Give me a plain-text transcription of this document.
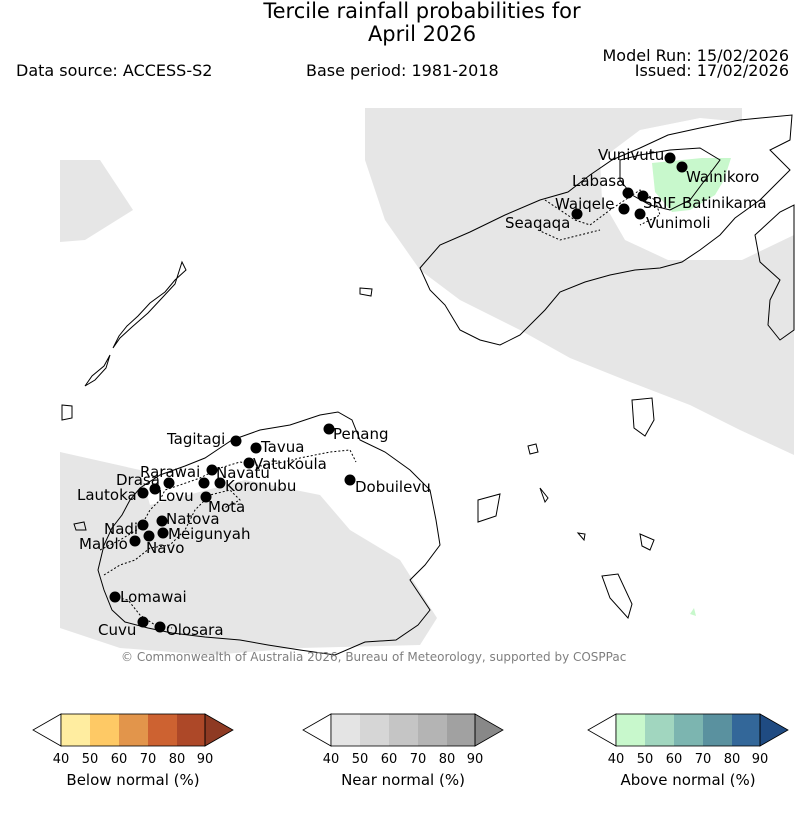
Tercile rainfall probabilities for
April 2026
Data source: ACCESS-S2	Base period: 1981-2018
Model Run: 15/02/2026
Issued: 17/02/2026
Vunivutu
Wainikoro
Labasa
SRIF Batinikama
Waiqele
Seaqaqa	Vunimoli
Penang
Tagitagi Tavua
Vatukoula
Rarawai Navatu
Drasa	Koronubu
Lautoka Lovu
Mota
Natova
Nadi Meigunyah
Malolo Navo
Dobuilevu
Lomawai
Cuvu Olosara
© Commonwealth of Australia 2026, Bureau of Meteorology, supported by COSPPac
40 50 60 70 80 90
Below normal (%)
40 50 60 70 80 90
Near normal (%)
40 50 60 70 80 90
Above normal (%)
